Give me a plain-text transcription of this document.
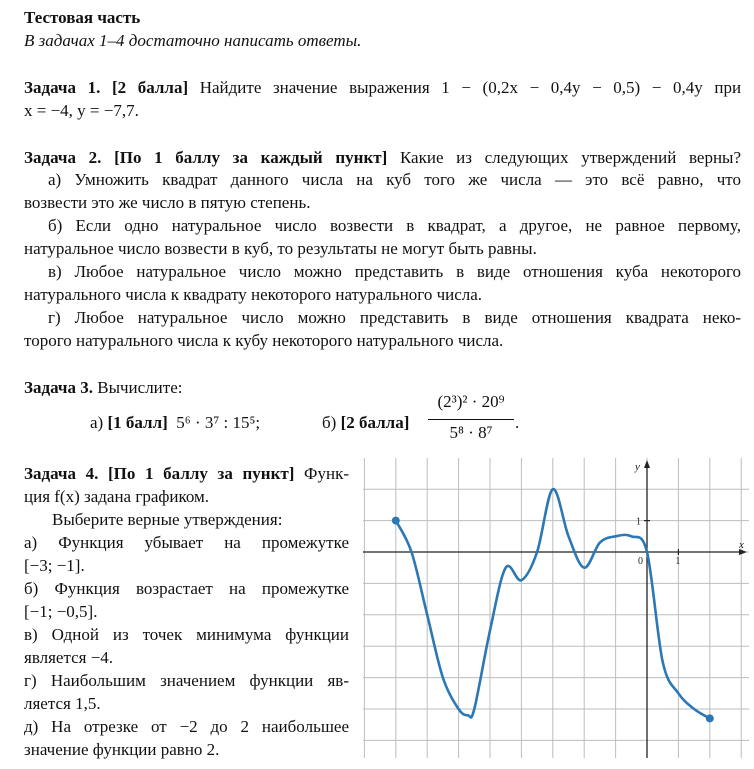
Тестовая часть
В задачах 1–4 достаточно написать ответы.
Задача 1. [2 балла] Найдите значение выражения 1 − (0,2x − 0,4y − 0,5) − 0,4y при
x = −4, y = −7,7.
Задача 2. [По 1 баллу за каждый пункт] Какие из следующих утверждений верны?
а) Умножить квадрат данного числа на куб того же числа — это всё равно, что
возвести это же число в пятую степень.
б) Если одно натуральное число возвести в квадрат, а другое, не равное первому,
натуральное число возвести в куб, то результаты не могут быть равны.
в) Любое натуральное число можно представить в виде отношения куба некоторого
натурального числа к квадрату некоторого натурального числа.
г) Любое натуральное число можно представить в виде отношения квадрата неко-
торого натурального числа к кубу некоторого натурального числа.
Задача 3. Вычислите:
а) [1 балл] 5⁶ · 3⁷ : 15⁵;	б) [2 балла]
(2³)² · 20⁹
5⁸ · 8⁷
.
Задача 4. [По 1 баллу за пункт] Функ-
ция f(x) задана графиком.
Выберите верные утверждения:
а) Функция убывает на промежутке
[−3; −1].
б) Функция возрастает на промежутке
[−1; −0,5].
в) Одной из точек минимума функции
является −4.
г) Наибольшим значением функции яв-
ляется 1,5.
д) На отрезке от −2 до 2 наибольшее
значение функции равно 2.
x
y
0	1
1
